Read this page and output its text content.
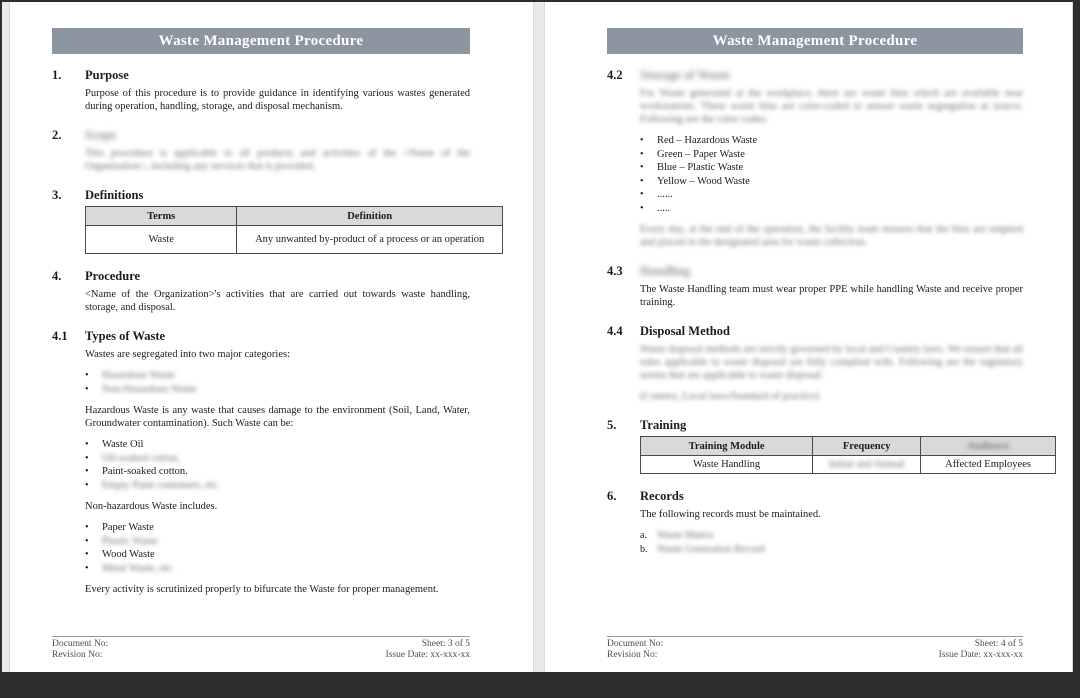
Waste Management Procedure
1.	Purpose
Purpose of this procedure is to provide guidance in identifying various wastes generated during operation, handling, storage, and disposal mechanism.
2.	Scope
This procedure is applicable to all products and activities of the <Name of the Organization>, including any services that is provided.
3.	Definitions
Terms	Definition
Waste	Any unwanted by-product of a process or an operation
4.	Procedure
<Name of the Organization>'s activities that are carried out towards waste handling, storage, and disposal.
4.1	Types of Waste
Wastes are segregated into two major categories:
•	Hazardous Waste
•	Non-Hazardous Waste
Hazardous Waste is any waste that causes damage to the environment (Soil, Land, Water, Groundwater contamination). Such Waste can be:
•	Waste Oil
•	Oil-soaked cotton,
•	Paint-soaked cotton.
•	Empty Paint containers, etc.
Non-hazardous Waste includes.
•	Paper Waste
•	Plastic Waste
•	Wood Waste
•	Metal Waste, etc.
Every activity is scrutinized properly to bifurcate the Waste for proper management.
Document No:
Revision No:
Sheet: 3 of 5
Issue Date: xx-xxx-xx
Waste Management Procedure
4.2	Storage of Waste
For Waste generated at the workplace, there are waste bins which are available near workstations. These waste bins are color-coded to ensure waste segregation at source. Following are the color codes:
•	Red – Hazardous Waste
•	Green – Paper Waste
•	Blue – Plastic Waste
•	Yellow – Wood Waste
•	......
•	.....
Every day, at the end of the operation, the facility team ensures that the bins are emptied and placed in the designated area for waste collection.
4.3	Handling
The Waste Handling team must wear proper PPE while handling Waste and receive proper training.
4.4	Disposal Method
Waste disposal methods are strictly governed by local and Country laws. We ensure that all rules applicable to waste disposal are fully complied with. Following are the regulatory norms that are applicable to waste disposal:
(Country, Local laws/Standard of practice)
5.	Training
Training Module	Frequency	Audience
Waste Handling	Initial and Annual	Affected Employees
6.	Records
The following records must be maintained.
a. Waste Matrix
b. Waste Generation Record
Document No:
Revision No:
Sheet: 4 of 5
Issue Date: xx-xxx-xx
